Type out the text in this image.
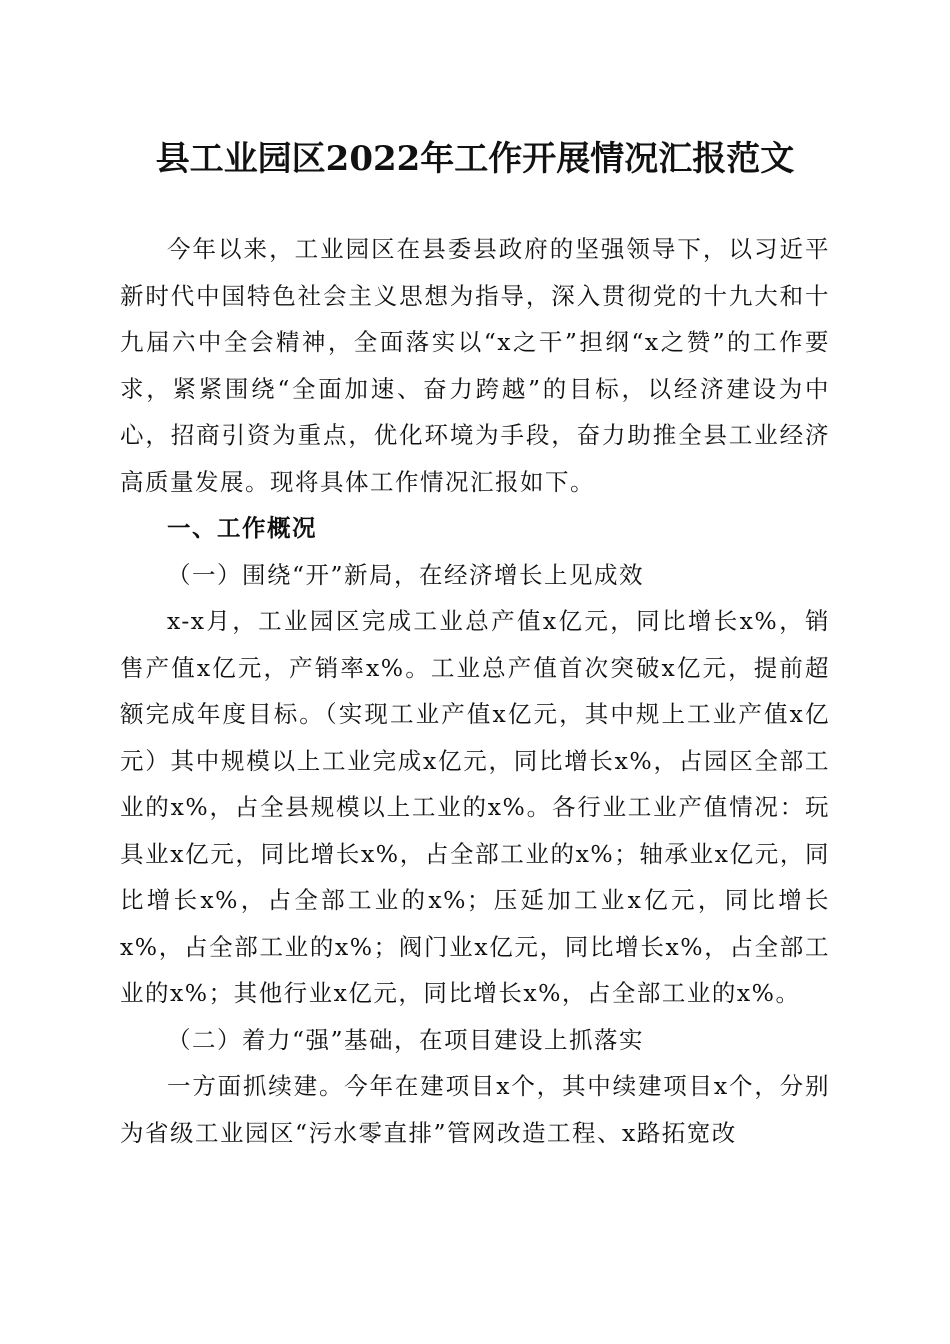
县工业园区2022年工作开展情况汇报范文

今年以来，工业园区在县委县政府的坚强领导下，以习近平新时代中国特色社会主义思想为指导，深入贯彻党的十九大和十九届六中全会精神，全面落实以“x之干”担纲“x之赞”的工作要求，紧紧围绕“全面加速、奋力跨越”的目标，以经济建设为中心，招商引资为重点，优化环境为手段，奋力助推全县工业经济高质量发展。现将具体工作情况汇报如下。

一、工作概况

（一）围绕“开”新局，在经济增长上见成效

x-x月，工业园区完成工业总产值x亿元，同比增长x%，销售产值x亿元，产销率x%。工业总产值首次突破x亿元，提前超额完成年度目标。（实现工业产值x亿元，其中规上工业产值x亿元）其中规模以上工业完成x亿元，同比增长x%，占园区全部工业的x%，占全县规模以上工业的x%。各行业工业产值情况：玩具业x亿元，同比增长x%，占全部工业的x%；轴承业x亿元，同比增长x%，占全部工业的x%；压延加工业x亿元，同比增长x%，占全部工业的x%；阀门业x亿元，同比增长x%，占全部工业的x%；其他行业x亿元，同比增长x%，占全部工业的x%。

（二）着力“强”基础，在项目建设上抓落实

一方面抓续建。今年在建项目x个，其中续建项目x个，分别为省级工业园区“污水零直排”管网改造工程、x路拓宽改
